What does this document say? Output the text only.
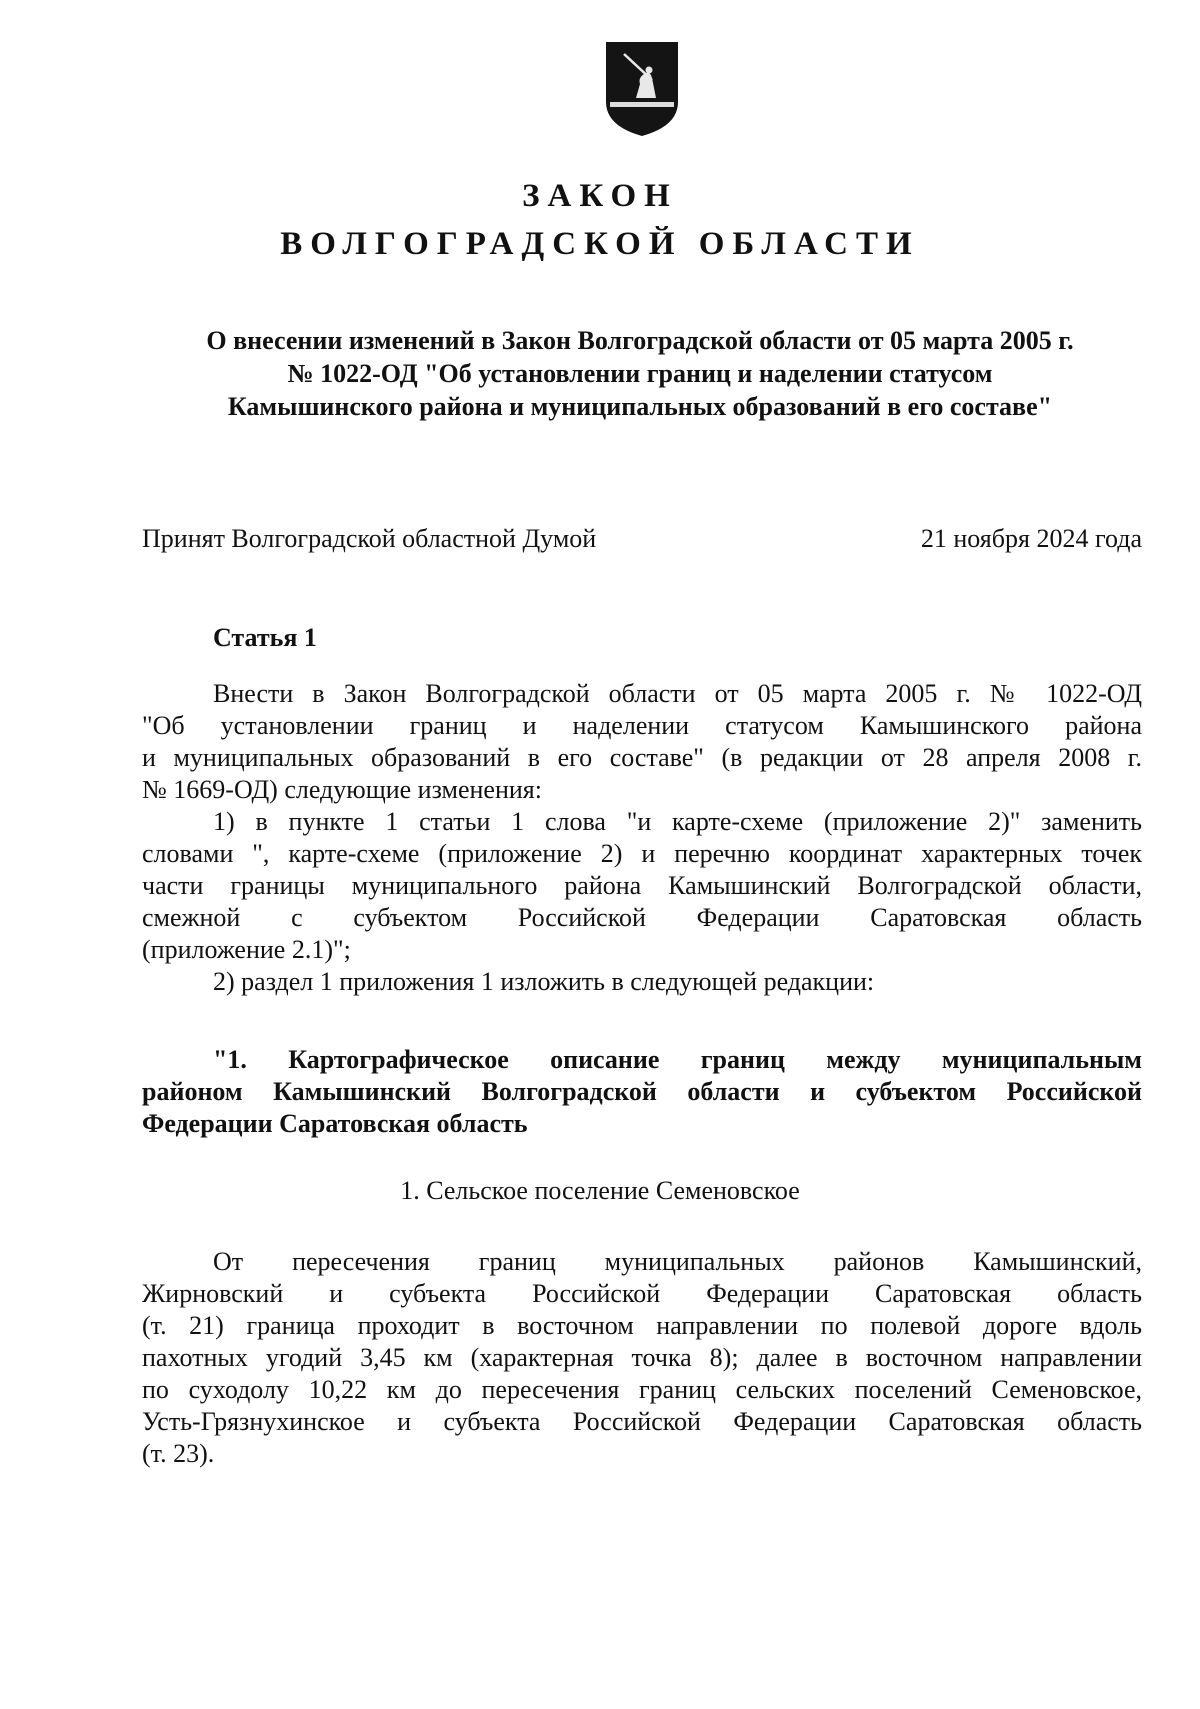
ЗАКОН
ВОЛГОГРАДСКОЙ ОБЛАСТИ
О внесении изменений в Закон Волгоградской области от 05 марта 2005 г.
№ 1022-ОД "Об установлении границ и наделении статусом
Камышинского района и муниципальных образований в его составе"
Принят Волгоградской областной Думой	21 ноября 2024 года
Статья 1
Внести в Закон Волгоградской области от 05 марта 2005 г. № 1022-ОД
"Об установлении границ и наделении статусом Камышинского района
и муниципальных образований в его составе" (в редакции от 28 апреля 2008 г.
№ 1669-ОД) следующие изменения:
1) в пункте 1 статьи 1 слова "и карте-схеме (приложение 2)" заменить
словами ", карте-схеме (приложение 2) и перечню координат характерных точек
части границы муниципального района Камышинский Волгоградской области,
смежной с субъектом Российской Федерации Саратовская область
(приложение 2.1)";
2) раздел 1 приложения 1 изложить в следующей редакции:
"1. Картографическое описание границ между муниципальным
районом Камышинский Волгоградской области и субъектом Российской
Федерации Саратовская область
1. Сельское поселение Семеновское
От пересечения границ муниципальных районов Камышинский,
Жирновский и субъекта Российской Федерации Саратовская область
(т. 21) граница проходит в восточном направлении по полевой дороге вдоль
пахотных угодий 3,45 км (характерная точка 8); далее в восточном направлении
по суходолу 10,22 км до пересечения границ сельских поселений Семеновское,
Усть-Грязнухинское и субъекта Российской Федерации Саратовская область
(т. 23).
